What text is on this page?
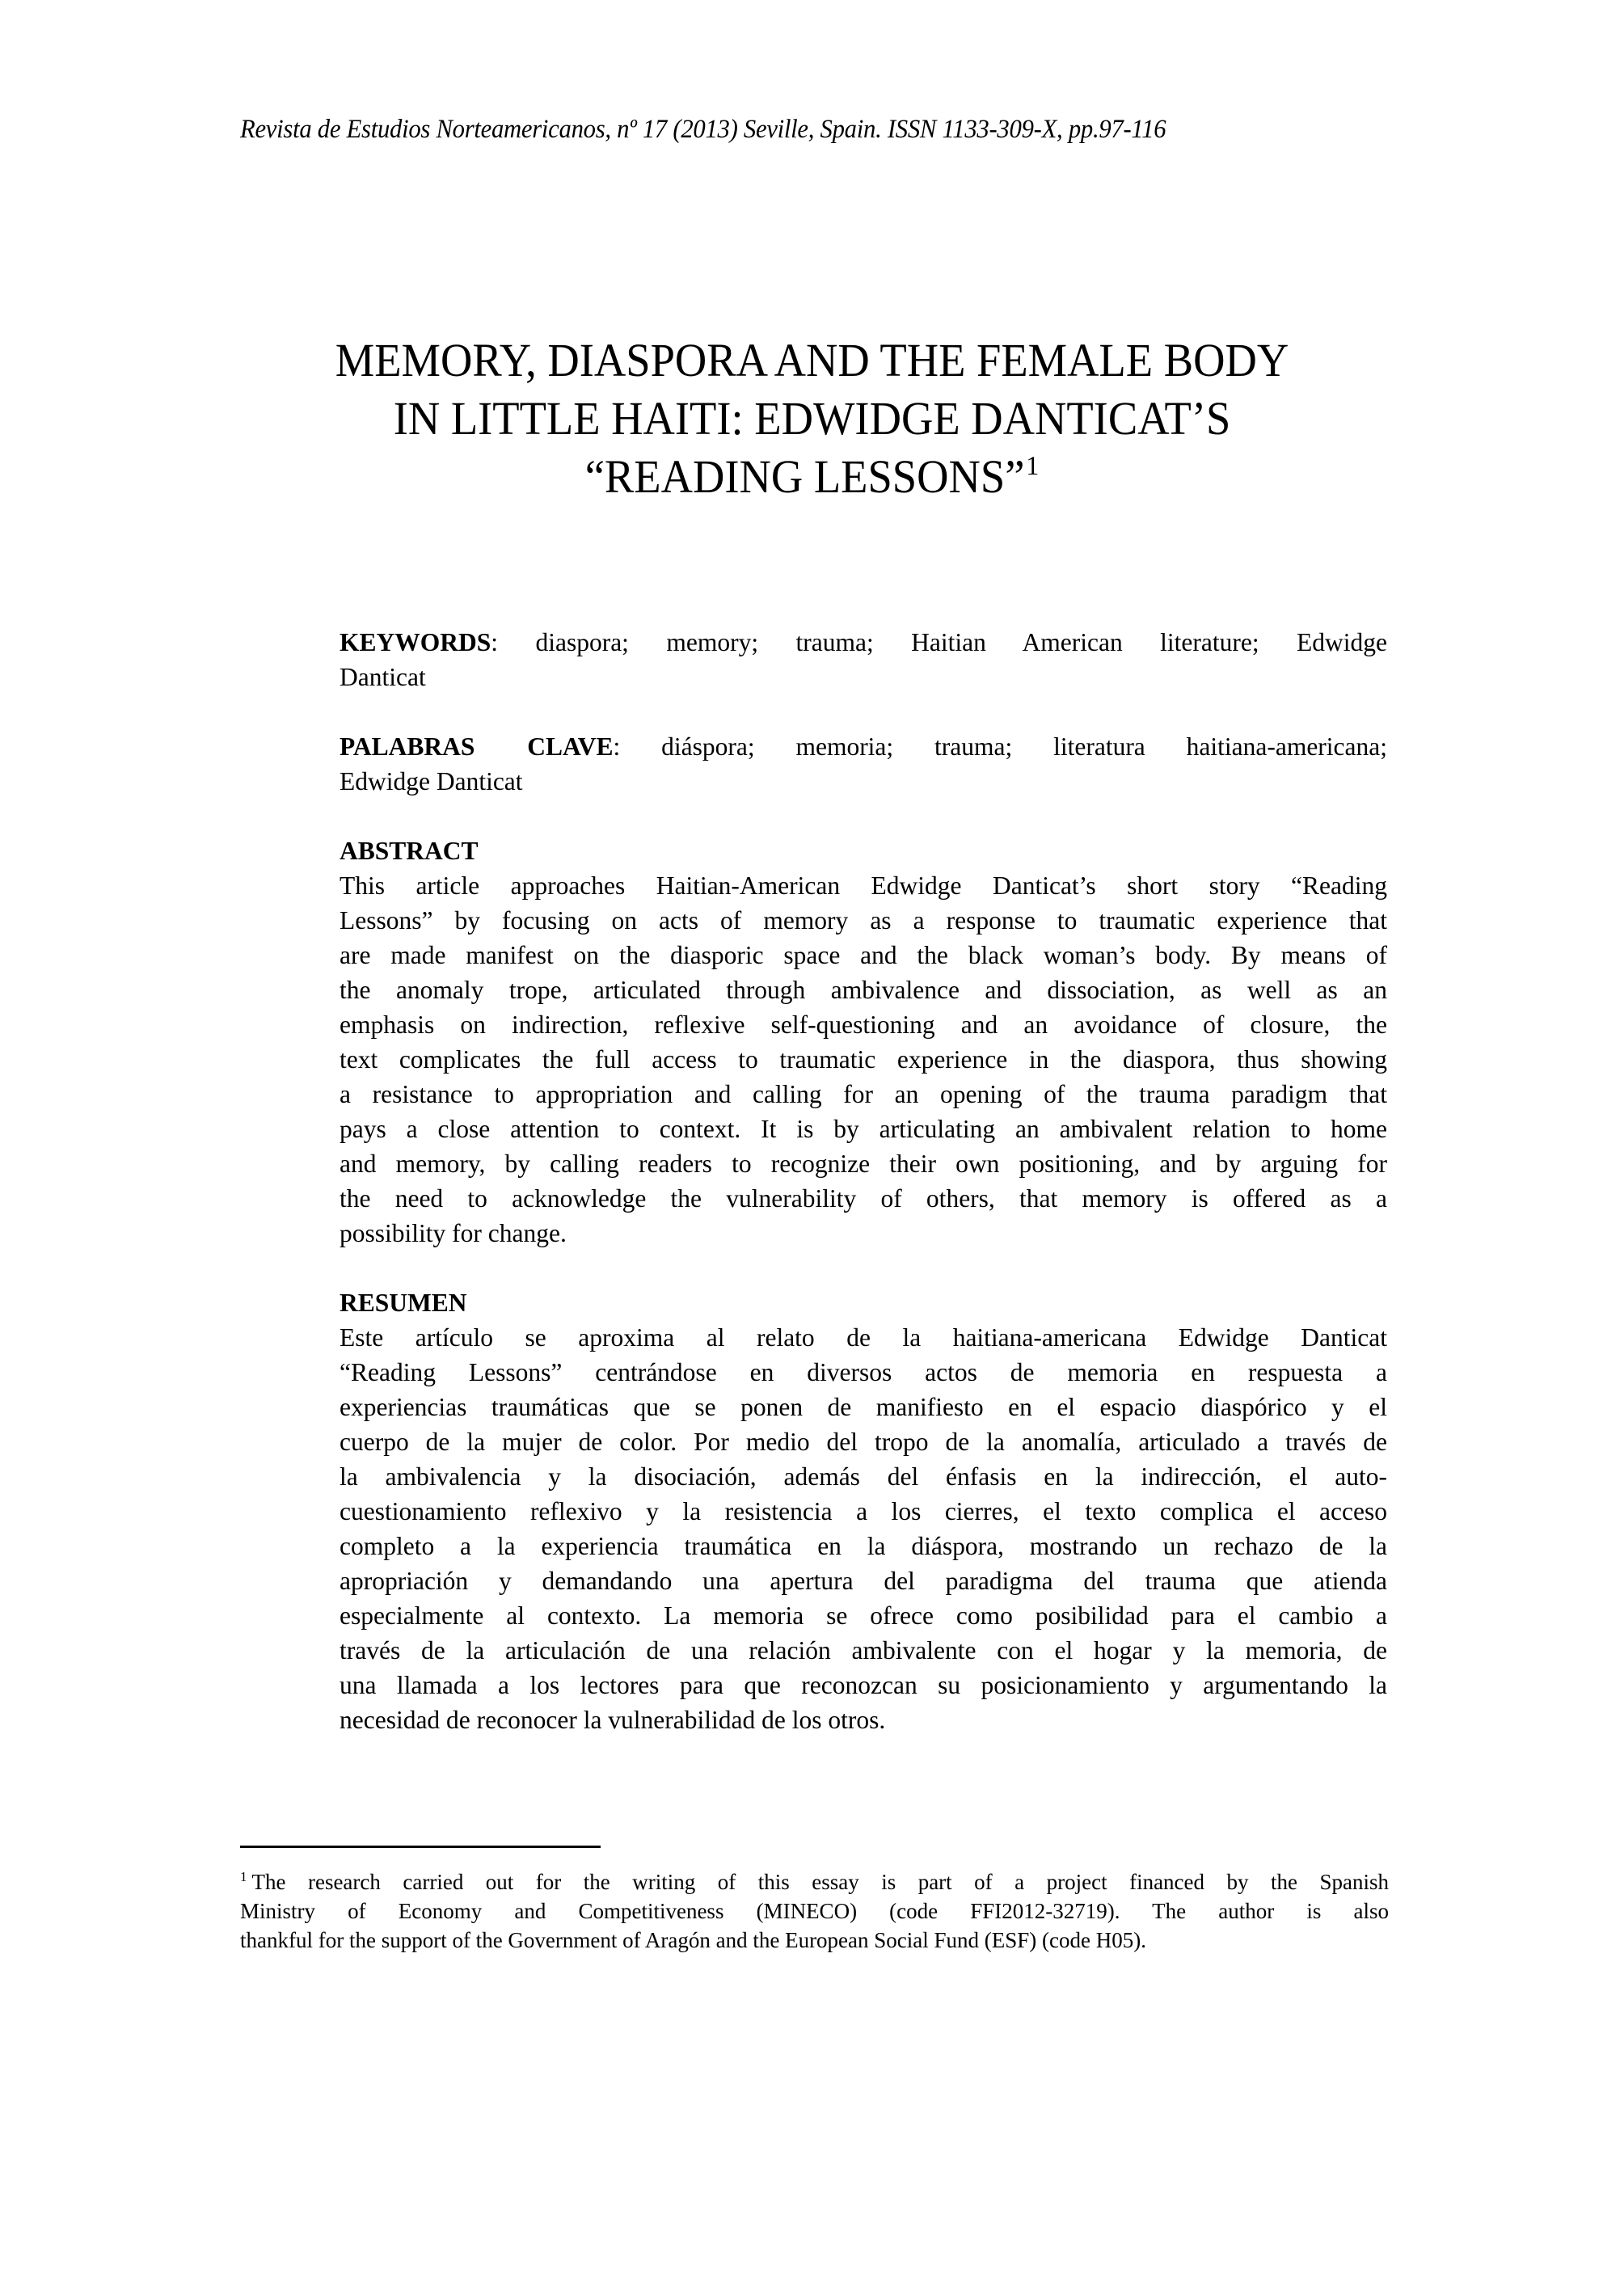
Revista de Estudios Norteamericanos, nº 17 (2013) Seville, Spain. ISSN 1133-309-X, pp.97-116
MEMORY, DIASPORA AND THE FEMALE BODY
IN LITTLE HAITI: EDWIDGE DANTICAT’S
“READING LESSONS”$^1$
KEYWORDS: diaspora; memory; trauma; Haitian American literature; Edwidge
Danticat
PALABRAS CLAVE: diáspora; memoria; trauma; literatura haitiana-americana;
Edwidge Danticat
ABSTRACT
This article approaches Haitian-American Edwidge Danticat’s short story “Reading
Lessons” by focusing on acts of memory as a response to traumatic experience that
are made manifest on the diasporic space and the black woman’s body. By means of
the anomaly trope, articulated through ambivalence and dissociation, as well as an
emphasis on indirection, reflexive self-questioning and an avoidance of closure, the
text complicates the full access to traumatic experience in the diaspora, thus showing
a resistance to appropriation and calling for an opening of the trauma paradigm that
pays a close attention to context. It is by articulating an ambivalent relation to home
and memory, by calling readers to recognize their own positioning, and by arguing for
the need to acknowledge the vulnerability of others, that memory is offered as a
possibility for change.
RESUMEN
Este artículo se aproxima al relato de la haitiana-americana Edwidge Danticat
“Reading Lessons” centrándose en diversos actos de memoria en respuesta a
experiencias traumáticas que se ponen de manifiesto en el espacio diaspórico y el
cuerpo de la mujer de color. Por medio del tropo de la anomalía, articulado a través de
la ambivalencia y la disociación, además del énfasis en la indirección, el auto-
cuestionamiento reflexivo y la resistencia a los cierres, el texto complica el acceso
completo a la experiencia traumática en la diáspora, mostrando un rechazo de la
apropriación y demandando una apertura del paradigma del trauma que atienda
especialmente al contexto. La memoria se ofrece como posibilidad para el cambio a
través de la articulación de una relación ambivalente con el hogar y la memoria, de
una llamada a los lectores para que reconozcan su posicionamiento y argumentando la
necesidad de reconocer la vulnerabilidad de los otros.
$^1$ The research carried out for the writing of this essay is part of a project financed by the Spanish
Ministry of Economy and Competitiveness (MINECO) (code FFI2012-32719). The author is also
thankful for the support of the Government of Aragón and the European Social Fund (ESF) (code H05).
